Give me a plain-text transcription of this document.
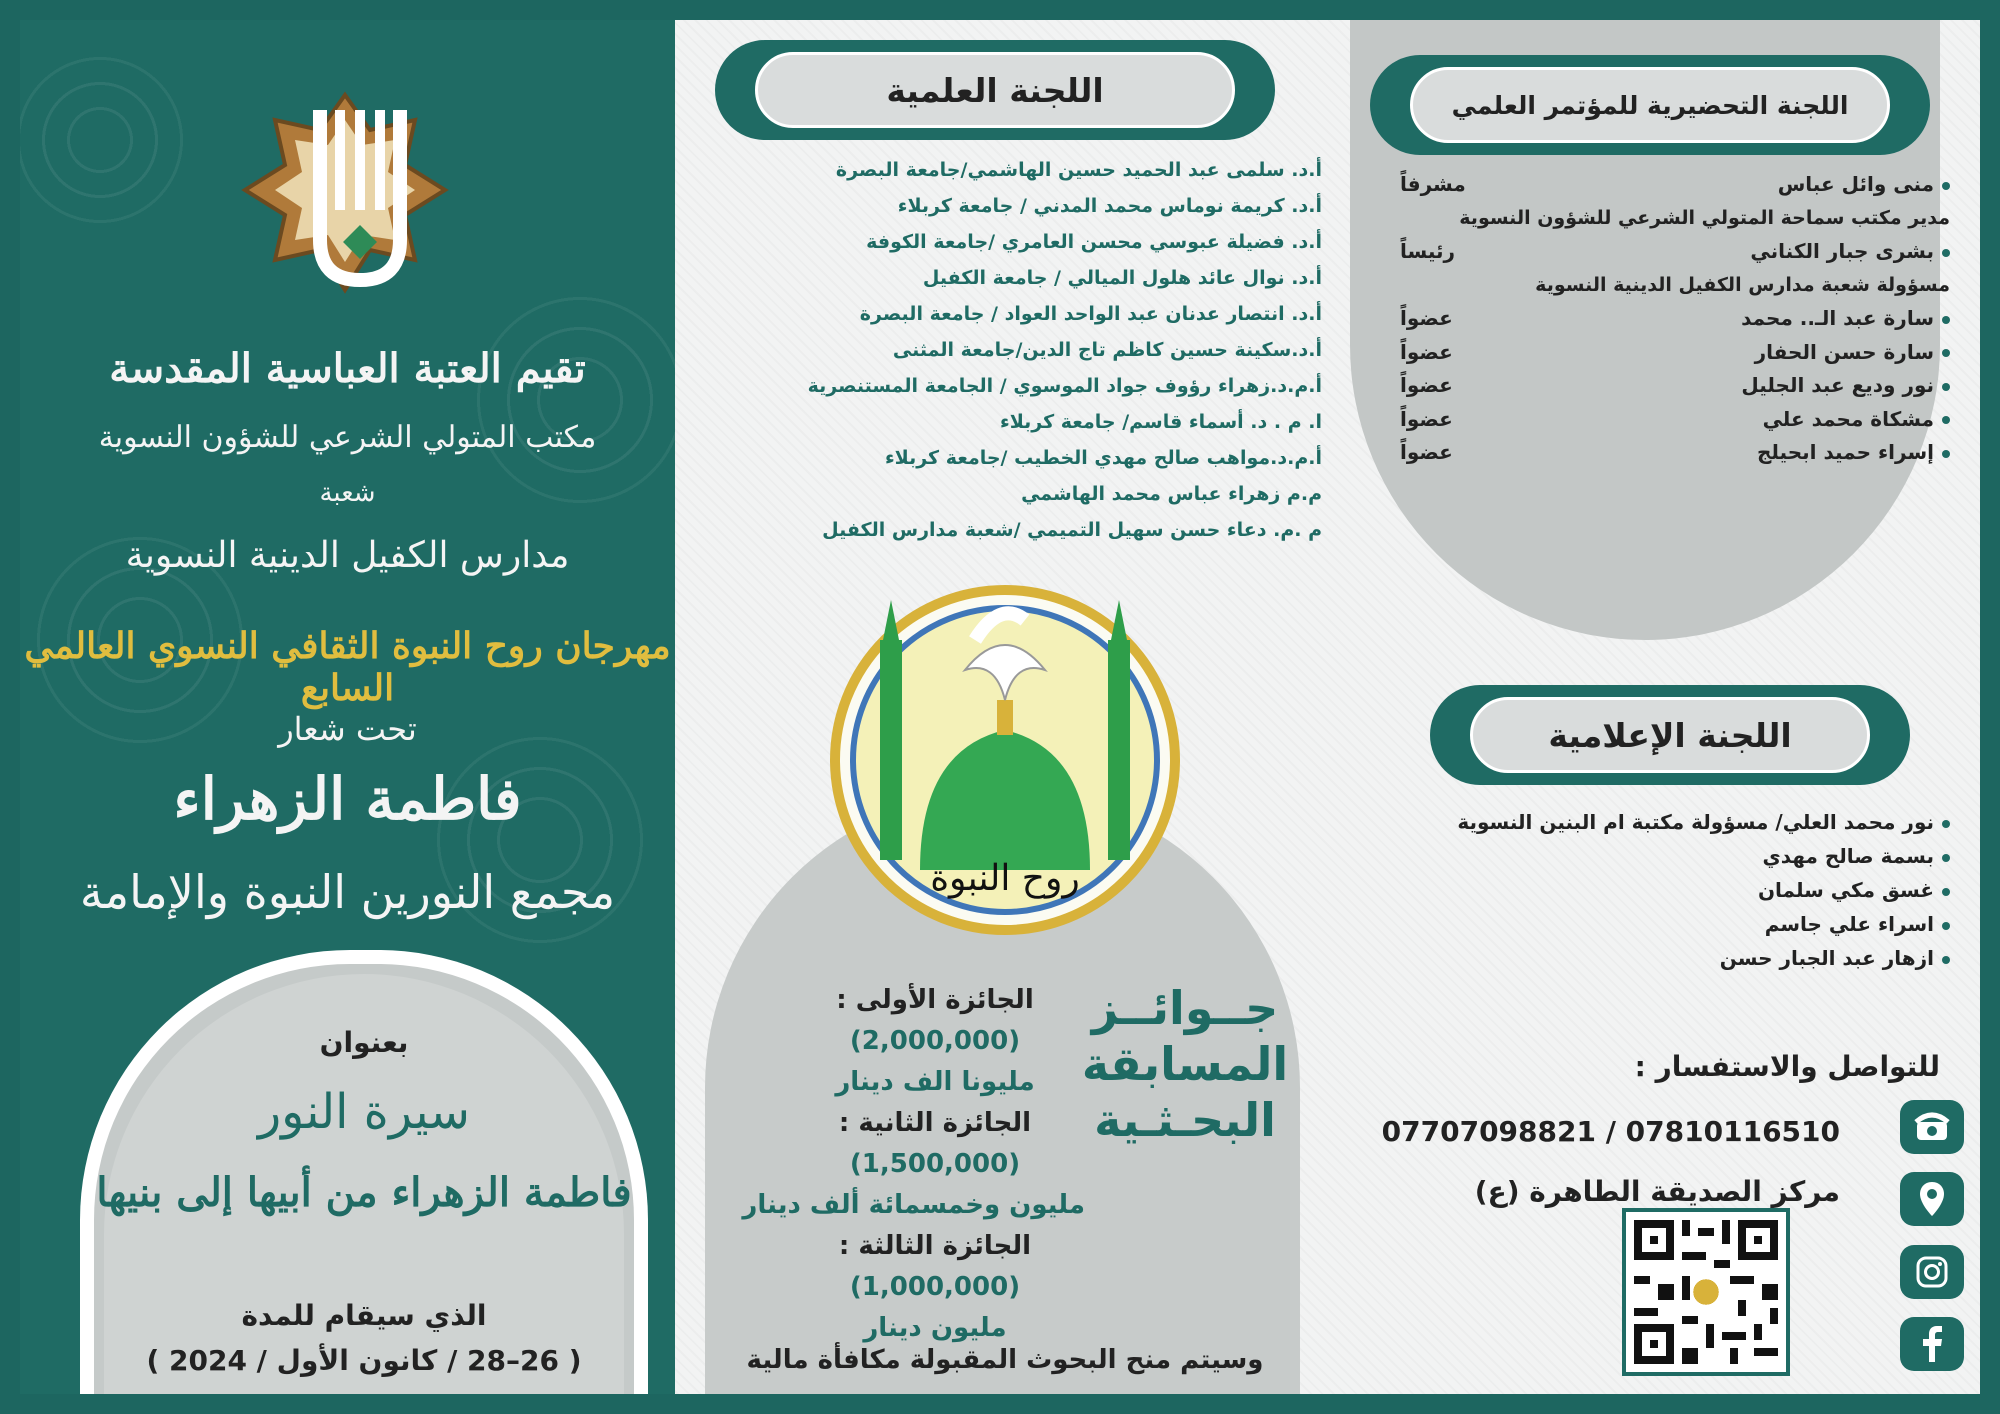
تقيم العتبة العباسية المقدسة
مكتب المتولي الشرعي للشؤون النسوية
شعبة
مدارس الكفيل الدينية النسوية
مهرجان روح النبوة الثقافي النسوي العالمي السابع
تحت شعار
فاطمة الزهراء
مجمع النورين النبوة والإمامة
بعنوان
سيرة النور
فاطمة الزهراء من أبيها إلى بنيها
الذي سيقام للمدة
( 26–28 / كانون الأول / 2024 )
اللجنة العلمية
أ.د. سلمى عبد الحميد حسين الهاشمي/جامعة البصرة
أ.د. كريمة نوماس محمد المدني / جامعة كربلاء
أ.د. فضيلة عبوسي محسن العامري /جامعة الكوفة
أ.د. نوال عائد هلول الميالي / جامعة الكفيل
أ.د. انتصار عدنان عبد الواحد العواد / جامعة البصرة
أ.د.سكينة حسين كاظم تاج الدين/جامعة المثنى
أ.م.د.زهراء رؤوف جواد الموسوي / الجامعة المستنصرية
ا. م . د. أسماء قاسم/ جامعة كربلاء
أ.م.د.مواهب صالح مهدي الخطيب /جامعة كربلاء
م.م زهراء عباس محمد الهاشمي
م .م. دعاء حسن سهيل التميمي /شعبة مدارس الكفيل
روح النبوة
جــوائــز
المسابقة
البحـثـية
الجائزة الأولى :
(2,000,000)
مليونا الف دينار
الجائزة الثانية :
(1,500,000)
مليون وخمسمائة ألف دينار
الجائزة الثالثة :
(1,000,000)
مليون دينار
وسيتم منح البحوث المقبولة مكافأة مالية
اللجنة التحضيرية للمؤتمر العلمي
منى وائل عباس
مشرفاً
مدير مكتب سماحة المتولي الشرعي للشؤون النسوية
بشرى جبار الكناني
رئيساً
مسؤولة شعبة مدارس الكفيل الدينية النسوية
سارة عبد الـ.. محمد
عضواً
سارة حسن الحفار
عضواً
نور وديع عبد الجليل
عضواً
مشكاة محمد علي
عضواً
إسراء حميد ابحيلج
عضواً
اللجنة الإعلامية
نور محمد العلي/ مسؤولة مكتبة ام البنين النسوية
بسمة صالح مهدي
غسق مكي سلمان
اسراء علي جاسم
ازهار عبد الجبار حسن
للتواصل والاستفسار :
07707098821 / 07810116510
مركز الصديقة الطاهرة (ع)
